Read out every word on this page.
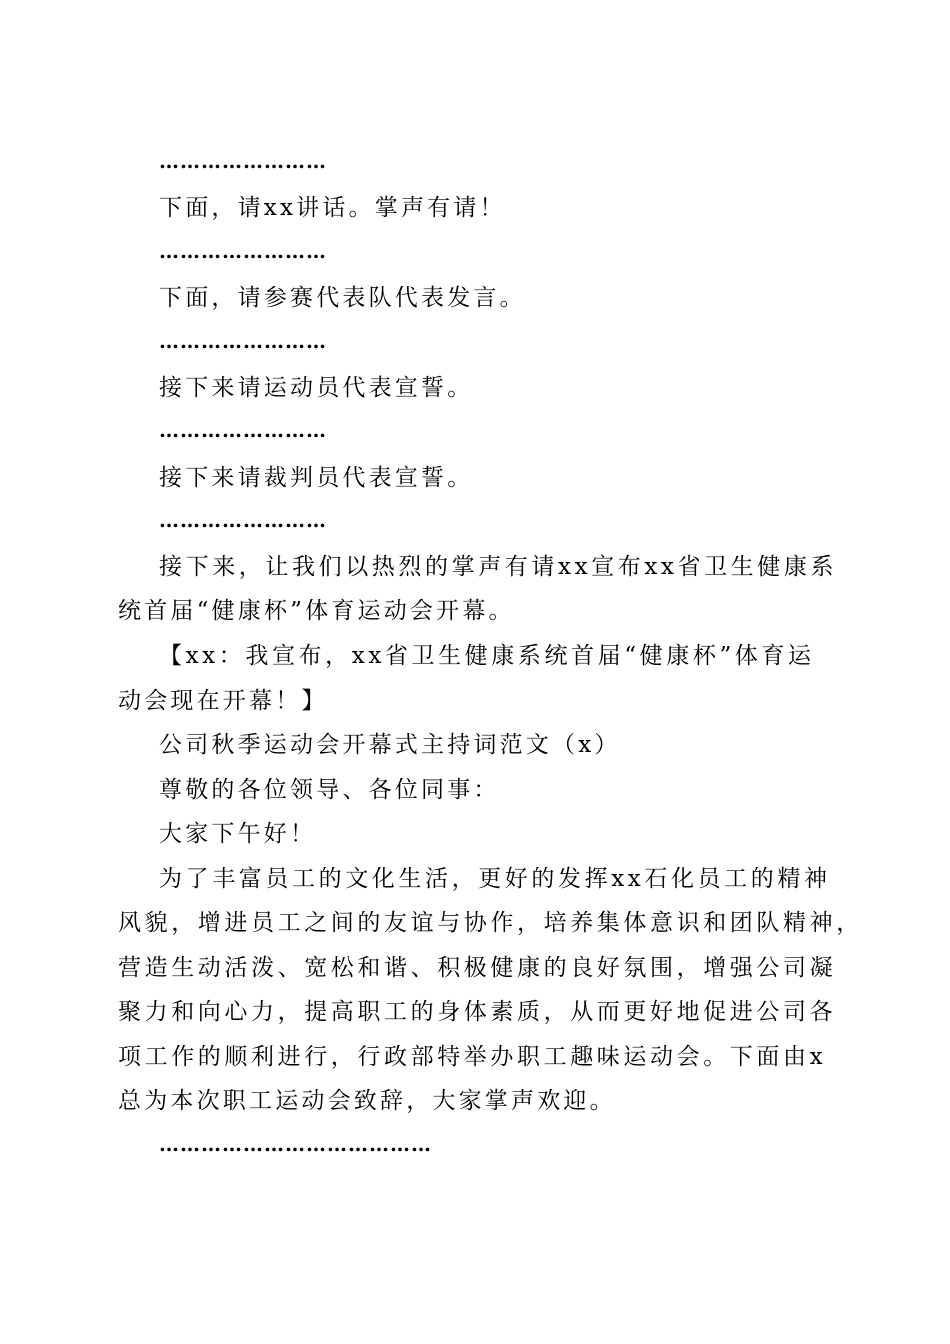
……………………
下面，请xx讲话。掌声有请！
……………………
下面，请参赛代表队代表发言。
……………………
接下来请运动员代表宣誓。
……………………
接下来请裁判员代表宣誓。
……………………
接下来，让我们以热烈的掌声有请xx宣布xx省卫生健康系
统首届“健康杯”体育运动会开幕。
【xx：我宣布，xx省卫生健康系统首届“健康杯”体育运
动会现在开幕！】
公司秋季运动会开幕式主持词范文（x）
尊敬的各位领导、各位同事：
大家下午好！
为了丰富员工的文化生活，更好的发挥xx石化员工的精神
风貌，增进员工之间的友谊与协作，培养集体意识和团队精神，
营造生动活泼、宽松和谐、积极健康的良好氛围，增强公司凝
聚力和向心力，提高职工的身体素质，从而更好地促进公司各
项工作的顺利进行，行政部特举办职工趣味运动会。下面由x
总为本次职工运动会致辞，大家掌声欢迎。
…………………………………
